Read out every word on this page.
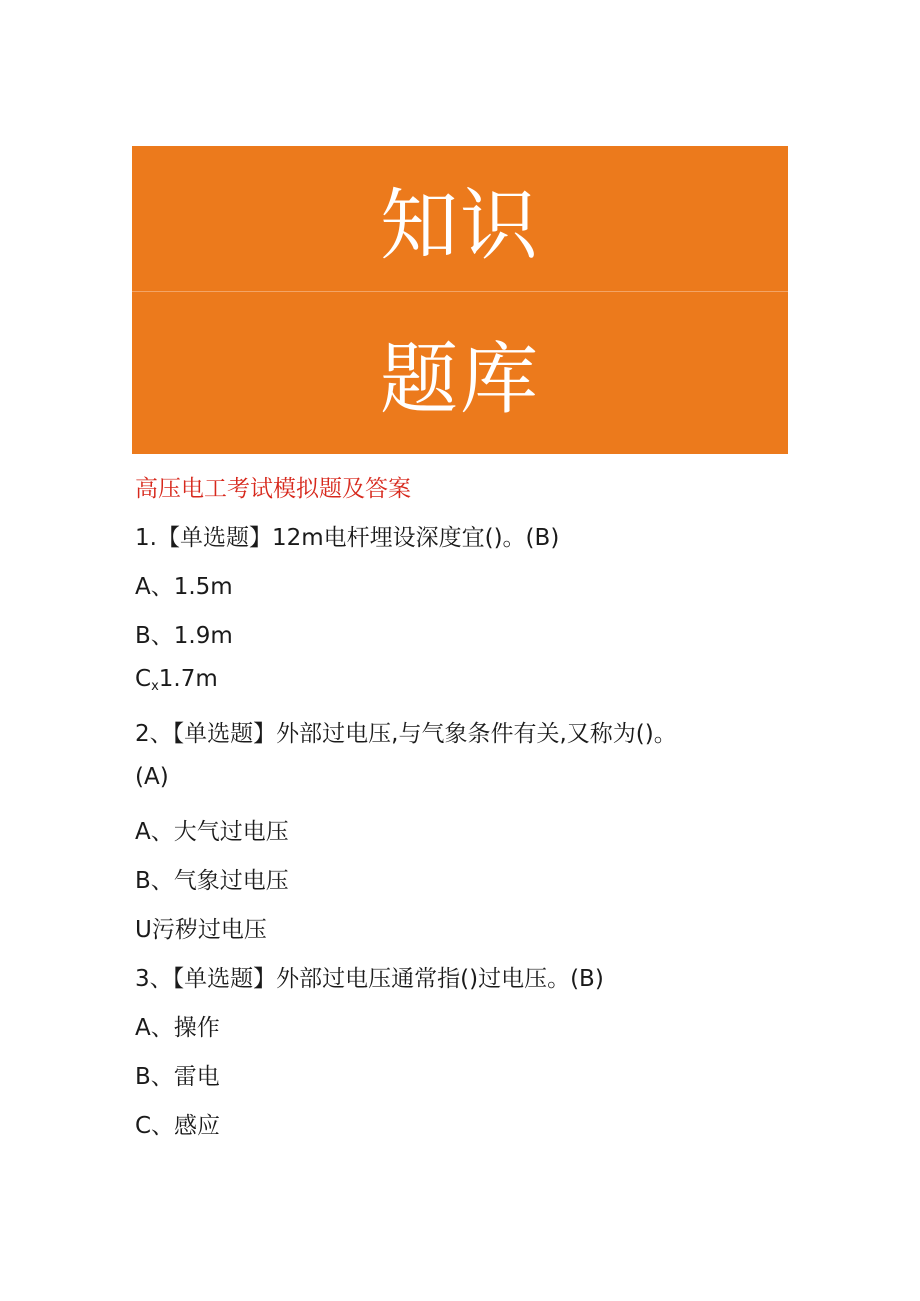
知识
题库
高压电工考试模拟题及答案
1.【单选题】12m电杆埋设深度宜()。(B)
A、1.5m
B、1.9m
$C_x1.7m$
2、【单选题】外部过电压,与气象条件有关,又称为()。
(A)
A、大气过电压
B、气象过电压
U污秽过电压
3、【单选题】外部过电压通常指()过电压。(B)
A、操作
B、雷电
C、感应
